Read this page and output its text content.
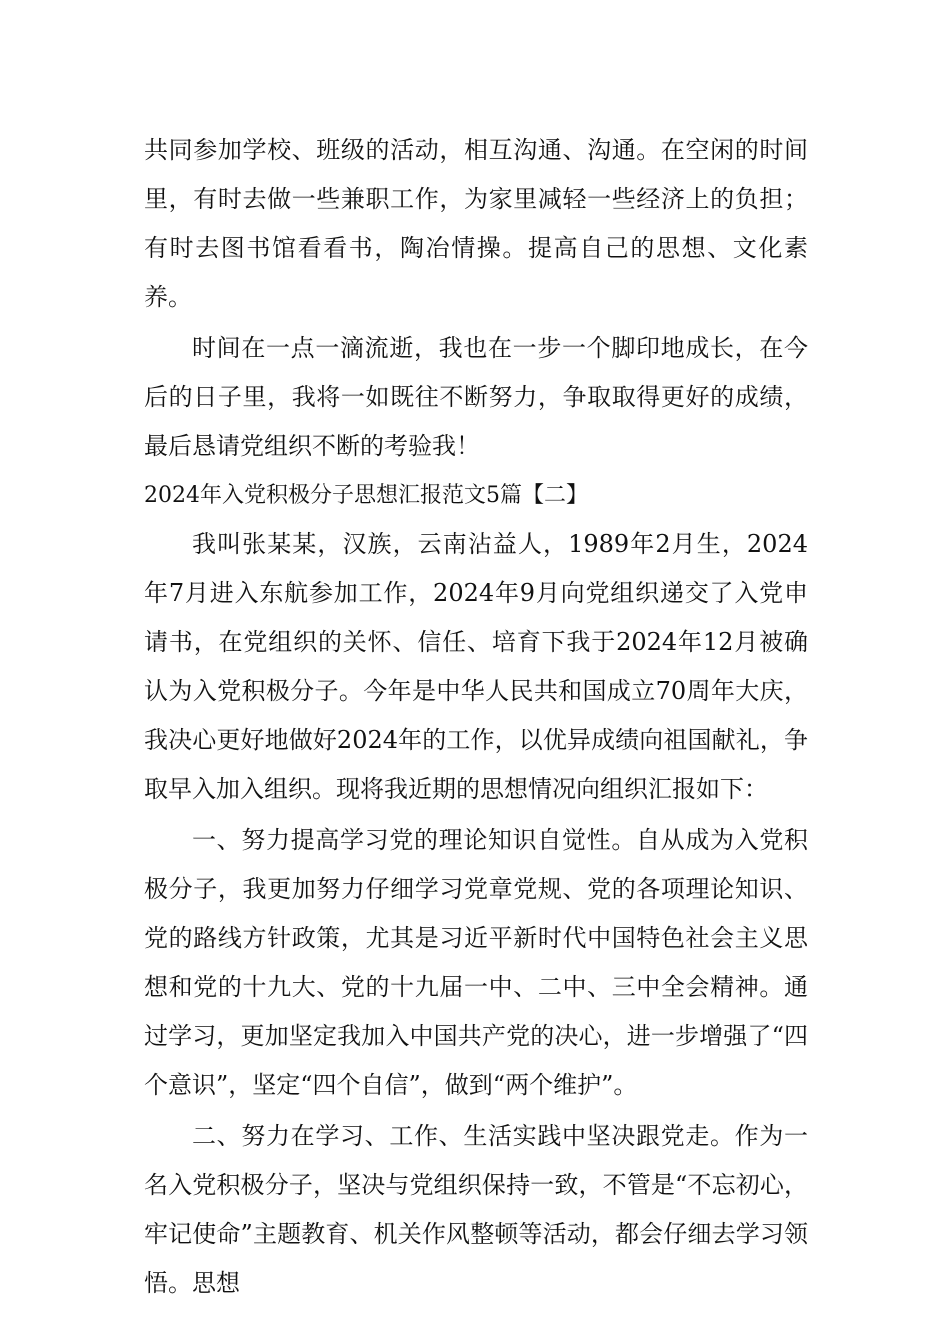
共同参加学校、班级的活动，相互沟通、沟通。在空闲的时间里，有时去做一些兼职工作，为家里减轻一些经济上的负担；有时去图书馆看看书，陶冶情操。提高自己的思想、文化素养。

时间在一点一滴流逝，我也在一步一个脚印地成长，在今后的日子里，我将一如既往不断努力，争取取得更好的成绩，最后恳请党组织不断的考验我！

2024年入党积极分子思想汇报范文5篇【二】

我叫张某某，汉族，云南沾益人，1989年2月生，2024年7月进入东航参加工作，2024年9月向党组织递交了入党申请书，在党组织的关怀、信任、培育下我于2024年12月被确认为入党积极分子。今年是中华人民共和国成立70周年大庆，我决心更好地做好2024年的工作，以优异成绩向祖国献礼，争取早入加入组织。现将我近期的思想情况向组织汇报如下：

一、努力提高学习党的理论知识自觉性。自从成为入党积极分子，我更加努力仔细学习党章党规、党的各项理论知识、党的路线方针政策，尤其是习近平新时代中国特色社会主义思想和党的十九大、党的十九届一中、二中、三中全会精神。通过学习，更加坚定我加入中国共产党的决心，进一步增强了“四个意识”，坚定“四个自信”，做到“两个维护”。

二、努力在学习、工作、生活实践中坚决跟党走。作为一名入党积极分子，坚决与党组织保持一致，不管是“不忘初心，牢记使命”主题教育、机关作风整顿等活动，都会仔细去学习领悟。思想
